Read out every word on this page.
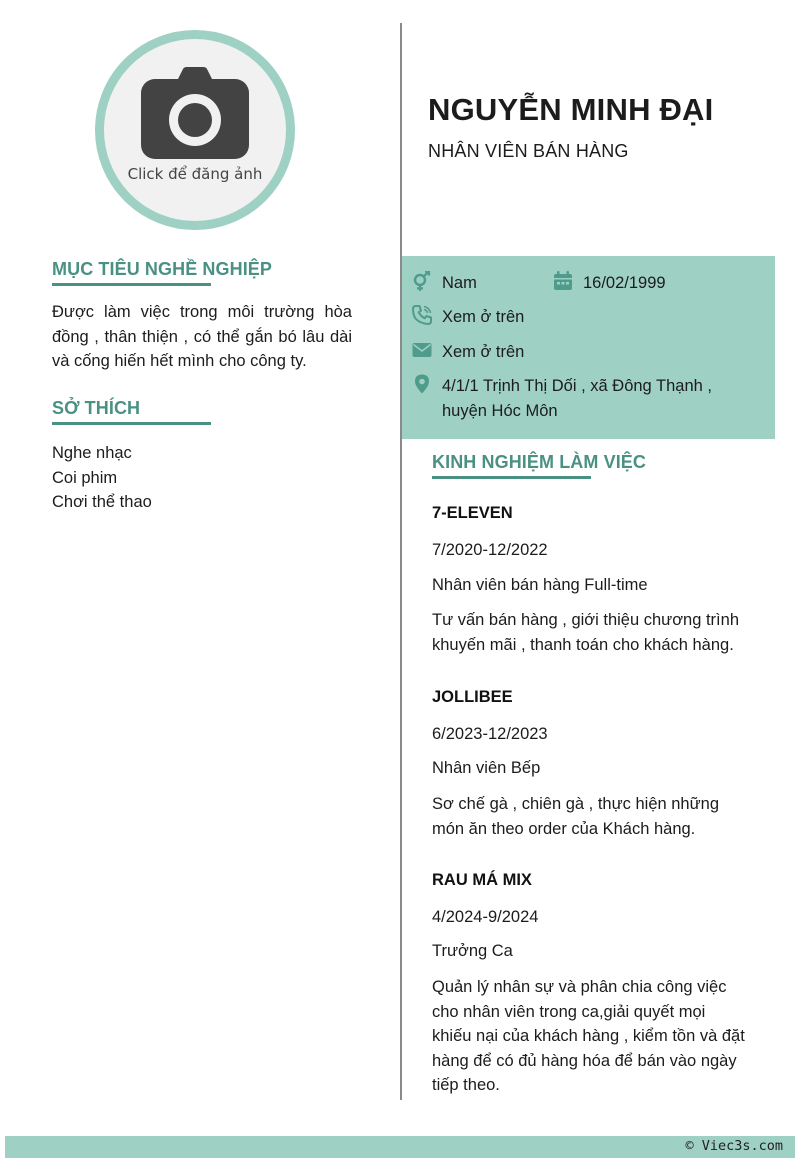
Click để đăng ảnh
MỤC TIÊU NGHỀ NGHIỆP
Được làm việc trong môi trường hòa đồng , thân thiện , có thể gắn bó lâu dài và cống hiến hết mình cho công ty.
SỞ THÍCH
Nghe nhạc
Coi phim
Chơi thể thao
NGUYỄN MINH ĐẠI
NHÂN VIÊN BÁN HÀNG
Nam	16/02/1999
Xem ở trên
Xem ở trên
4/1/1 Trịnh Thị Dối , xã Đông Thạnh ,
huyện Hóc Môn
KINH NGHIỆM LÀM VIỆC
7-ELEVEN
7/2020-12/2022
Nhân viên bán hàng Full-time
Tư vấn bán hàng , giới thiệu chương trình
khuyến mãi , thanh toán cho khách hàng.
JOLLIBEE
6/2023-12/2023
Nhân viên Bếp
Sơ chế gà , chiên gà , thực hiện những
món ăn theo order của Khách hàng.
RAU MÁ MIX
4/2024-9/2024
Trưởng Ca
Quản lý nhân sự và phân chia công việc
cho nhân viên trong ca,giải quyết mọi
khiếu nại của khách hàng , kiểm tồn và đặt
hàng để có đủ hàng hóa để bán vào ngày
tiếp theo.
© Viec3s.com
